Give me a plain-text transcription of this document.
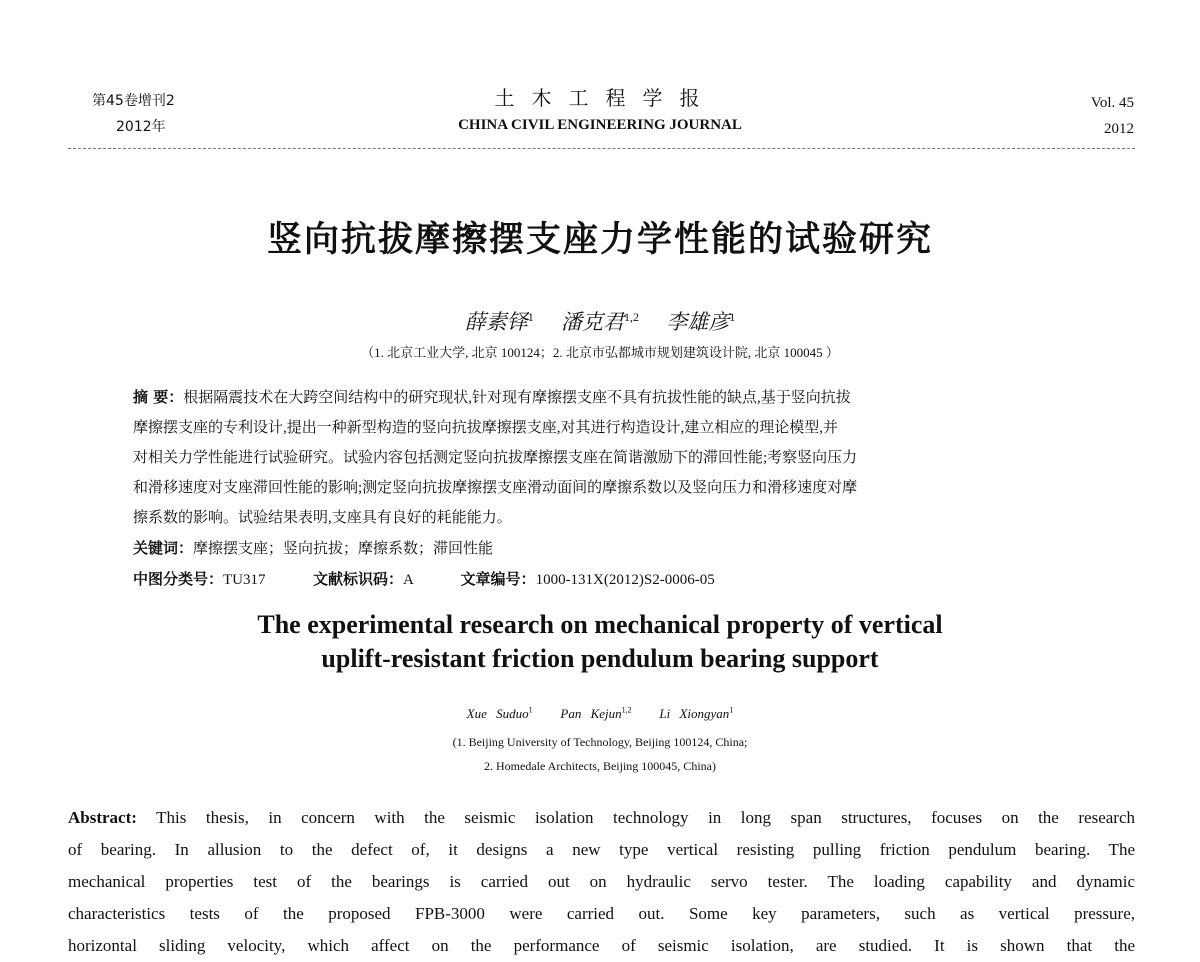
第45卷增刊2
2012年
土 木 工 程 学 报
CHINA CIVIL ENGINEERING JOURNAL
Vol. 45
2012
竖向抗拔摩擦摆支座力学性能的试验研究
薛素铎$^1$ 潘克君$^{1,2}$ 李雄彦$^1$
（1. 北京工业大学, 北京 100124；2. 北京市弘都城市规划建筑设计院, 北京 100045 ）

摘 要：根据隔震技术在大跨空间结构中的研究现状,针对现有摩擦摆支座不具有抗拔性能的缺点,基于竖向抗拔

摩擦摆支座的专利设计,提出一种新型构造的竖向抗拔摩擦摆支座,对其进行构造设计,建立相应的理论模型,并

对相关力学性能进行试验研究。试验内容包括测定竖向抗拔摩擦摆支座在简谐激励下的滞回性能;考察竖向压力

和滑移速度对支座滞回性能的影响;测定竖向抗拔摩擦摆支座滑动面间的摩擦系数以及竖向压力和滑移速度对摩

擦系数的影响。试验结果表明,支座具有良好的耗能能力。

关键词：摩擦摆支座；竖向抗拔；摩擦系数；滞回性能

中图分类号：TU317	文献标识码：A	文章编号：1000-131X(2012)S2-0006-05

The experimental research on mechanical property of vertical
uplift-resistant friction pendulum bearing support
Xue Suduo$^1$ Pan Kejun$^{1,2}$ Li Xiongyan$^1$
(1. Beijing University of Technology, Beijing 100124, China;
2. Homedale Architects, Beijing 100045, China)

Abstract: This thesis, in concern with the seismic isolation technology in long span structures, focuses on the research

of bearing. In allusion to the defect of, it designs a new type vertical resisting pulling friction pendulum bearing. The

mechanical properties test of the bearings is carried out on hydraulic servo tester. The loading capability and dynamic

characteristics tests of the proposed FPB-3000 were carried out. Some key parameters, such as vertical pressure,

horizontal sliding velocity, which affect on the performance of seismic isolation, are studied. It is shown that the
